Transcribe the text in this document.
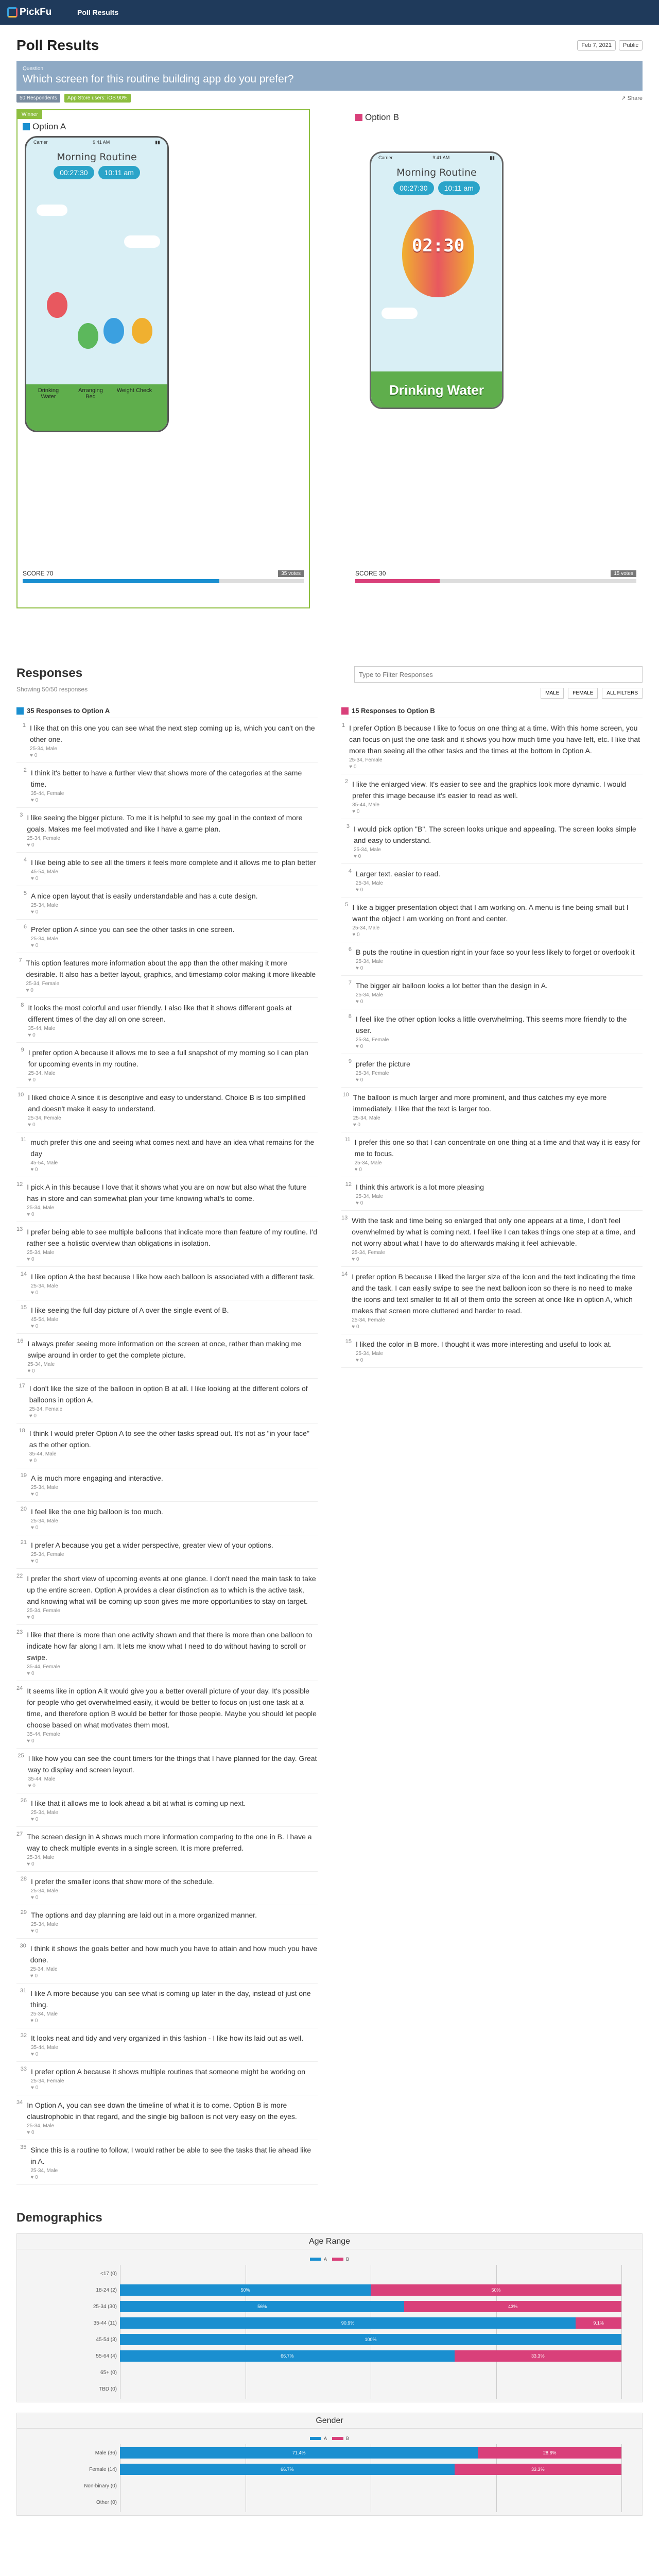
PickFu	Poll Results
Poll Results	Feb 7, 2021	Public
Question
Which screen for this routine building app do you prefer?
50 Respondents	App Store users: iOS 90%	↗ Share
Winner
Option A
Carrier	9:41 AM	▮▮
Morning Routine
00:27:30	10:11 am
Drinking Water
Arranging Bed
Weight Check
SCORE 70	35 votes
Option B
Carrier	9:41 AM	▮▮
Morning Routine
00:27:30	10:11 am
02:30
Drinking Water
SCORE 30	15 votes
Responses
Showing 50/50 responses
Type to Filter Responses
MALE	FEMALE	ALL FILTERS
35 Responses to Option A
1 I like that on this one you can see what the next step coming up is, which you can't on the other one.
25-34, Male
♥ 0
2 I think it's better to have a further view that shows more of the categories at the same time.
35-44, Female
♥ 0
3 I like seeing the bigger picture. To me it is helpful to see my goal in the context of more goals. Makes me feel motivated and like I have a game plan.
25-34, Female
♥ 0
4 I like being able to see all the timers it feels more complete and it allows me to plan better
45-54, Male
♥ 0
5 A nice open layout that is easily understandable and has a cute design.
25-34, Male
♥ 0
6 Prefer option A since you can see the other tasks in one screen.
25-34, Male
♥ 0
7 This option features more information about the app than the other making it more desirable. It also has a better layout, graphics, and timestamp color making it more likeable
25-34, Female
♥ 0
8 It looks the most colorful and user friendly. I also like that it shows different goals at different times of the day all on one screen.
35-44, Male
♥ 0
9 I prefer option A because it allows me to see a full snapshot of my morning so I can plan for upcoming events in my routine.
25-34, Male
♥ 0
10 I liked choice A since it is descriptive and easy to understand. Choice B is too simplified and doesn't make it easy to understand.
25-34, Female
♥ 0
11 much prefer this one and seeing what comes next and have an idea what remains for the day
45-54, Male
♥ 0
12 I pick A in this because I love that it shows what you are on now but also what the future has in store and can somewhat plan your time knowing what's to come.
25-34, Male
♥ 0
13 I prefer being able to see multiple balloons that indicate more than feature of my routine. I'd rather see a holistic overview than obligations in isolation.
25-34, Male
♥ 0
14 I like option A the best because I like how each balloon is associated with a different task.
25-34, Male
♥ 0
15 I like seeing the full day picture of A over the single event of B.
45-54, Male
♥ 0
16 I always prefer seeing more information on the screen at once, rather than making me swipe around in order to get the complete picture.
25-34, Male
♥ 0
17 I don't like the size of the balloon in option B at all. I like looking at the different colors of balloons in option A.
25-34, Female
♥ 0
18 I think I would prefer Option A to see the other tasks spread out. It's not as "in your face" as the other option.
35-44, Male
♥ 0
19 A is much more engaging and interactive.
25-34, Male
♥ 0
20 I feel like the one big balloon is too much.
25-34, Male
♥ 0
21 I prefer A because you get a wider perspective, greater view of your options.
25-34, Female
♥ 0
22 I prefer the short view of upcoming events at one glance. I don't need the main task to take up the entire screen. Option A provides a clear distinction as to which is the active task, and knowing what will be coming up soon gives me more opportunities to stay on target.
25-34, Female
♥ 0
23 I like that there is more than one activity shown and that there is more than one balloon to indicate how far along I am. It lets me know what I need to do without having to scroll or swipe.
35-44, Female
♥ 0
24 It seems like in option A it would give you a better overall picture of your day. It's possible for people who get overwhelmed easily, it would be better to focus on just one task at a time, and therefore option B would be better for those people. Maybe you should let people choose based on what motivates them most.
35-44, Female
♥ 0
25 I like how you can see the count timers for the things that I have planned for the day. Great way to display and screen layout.
35-44, Male
♥ 0
26 I like that it allows me to look ahead a bit at what is coming up next.
25-34, Male
♥ 0
27 The screen design in A shows much more information comparing to the one in B. I have a way to check multiple events in a single screen. It is more preferred.
25-34, Male
♥ 0
28 I prefer the smaller icons that show more of the schedule.
25-34, Male
♥ 0
29 The options and day planning are laid out in a more organized manner.
25-34, Male
♥ 0
30 I think it shows the goals better and how much you have to attain and how much you have done.
25-34, Male
♥ 0
31 I like A more because you can see what is coming up later in the day, instead of just one thing.
25-34, Male
♥ 0
32 It looks neat and tidy and very organized in this fashion - I like how its laid out as well.
35-44, Male
♥ 0
33 I prefer option A because it shows multiple routines that someone might be working on
25-34, Female
♥ 0
34 In Option A, you can see down the timeline of what it is to come. Option B is more claustrophobic in that regard, and the single big balloon is not very easy on the eyes.
25-34, Male
♥ 0
35 Since this is a routine to follow, I would rather be able to see the tasks that lie ahead like in A.
25-34, Male
♥ 0
15 Responses to Option B
1 I prefer Option B because I like to focus on one thing at a time. With this home screen, you can focus on just the one task and it shows you how much time you have left, etc. I like that more than seeing all the other tasks and the times at the bottom in Option A.
25-34, Female
♥ 0
2 I like the enlarged view. It's easier to see and the graphics look more dynamic. I would prefer this image because it's easier to read as well.
35-44, Male
♥ 0
3 I would pick option "B". The screen looks unique and appealing. The screen looks simple and easy to understand.
25-34, Male
♥ 0
4 Larger text. easier to read.
25-34, Male
♥ 0
5 I like a bigger presentation object that I am working on. A menu is fine being small but I want the object I am working on front and center.
25-34, Male
♥ 0
6 B puts the routine in question right in your face so your less likely to forget or overlook it
25-34, Male
♥ 0
7 The bigger air balloon looks a lot better than the design in A.
25-34, Male
♥ 0
8 I feel like the other option looks a little overwhelming. This seems more friendly to the user.
25-34, Female
♥ 0
9 prefer the picture
25-34, Female
♥ 0
10 The balloon is much larger and more prominent, and thus catches my eye more immediately. I like that the text is larger too.
25-34, Male
♥ 0
11 I prefer this one so that I can concentrate on one thing at a time and that way it is easy for me to focus.
25-34, Male
♥ 0
12 I think this artwork is a lot more pleasing
25-34, Male
♥ 0
13 With the task and time being so enlarged that only one appears at a time, I don't feel overwhelmed by what is coming next. I feel like I can takes things one step at a time, and not worry about what I have to do afterwards making it feel achievable.
25-34, Female
♥ 0
14 I prefer option B because I liked the larger size of the icon and the text indicating the time and the task. I can easily swipe to see the next balloon icon so there is no need to make the icons and text smaller to fit all of them onto the screen at once like in option A, which makes that screen more cluttered and harder to read.
25-34, Female
♥ 0
15 I liked the color in B more. I thought it was more interesting and useful to look at.
25-34, Male
♥ 0
Demographics
Age Range
A	B
<17 (0)
18-24 (2)	50%	50%
25-34 (30)	56%	43%
35-44 (11)	90.9%	9.1%
45-54 (3)	100%
55-64 (4)	66.7%	33.3%
65+ (0)
TBD (0)
Gender
A	B
Male (36)	71.4%	28.6%
Female (14)	66.7%	33.3%
Non-binary (0)
Other (0)
